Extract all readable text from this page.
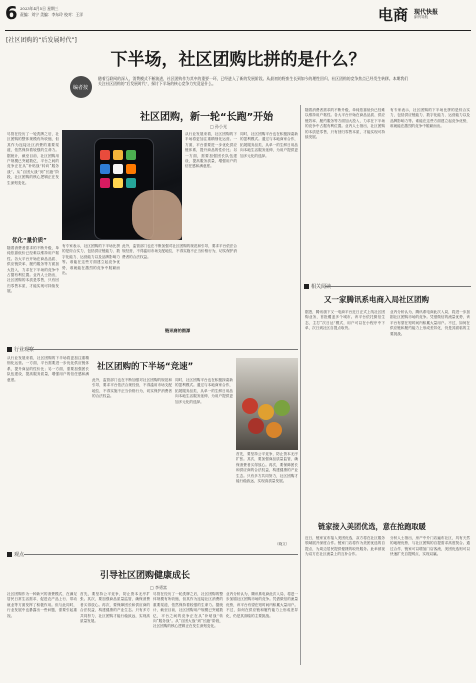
6 2023年4月5日 星期三
责编：刘宁 美编：李东玲 校对：王洋	电商 现代快报
副刊导航
[社区团购的“后发展时代”]
下半场，社区团购比拼的是什么？
编者按
随着互联网的深入，消费模式不断演进，社区团购作为其中的重要一环，已经进入了新的发展阶段。从最初的野蛮生长到如今的理性回归，社区团购的竞争焦点已经发生转移。本期我们关注社区团购的“后发展时代”，探讨下半场的核心竞争力究竟是什么。
社区团购，新一轮“长跑”开始
□ 孙小光
尽管在经历了一轮洗牌之后，社区团购的整体规模有所收缩，但其作为连接社区消费的重要渠道，依然保持着较强的生命力。据统计，截至目前，社区团购用户规模已突破数亿，平台之间的竞争正在从“补贴战”转向“服务战”。从“百团大战”到“长跑”阶段，社区团购的核心逻辑正在发生深刻变化。
优化“量价质”
随着消费者需求的不断升级，单纯依靠低价已经难以维持用户黏性。各大平台开始在商品品质、供应链效率、履约服务等方面加大投入，力求在下半场的竞争中占据有利位置。业内人士指出，社区团购的本质是零售，只有回归零售本质，才能实现可持续发展。
从行业发展来看，社区团购的下半场将更加注重精细化运营。一方面，平台需要进一步优化供应链体系，提升商品的性价比；另一方面，需要加强团长队伍建设，提高服务质量，增强用户的信任感和满意度。
同时，社区团购平台也在积极探索新的盈利模式。通过与本地商家合作，拓展服务品类，从单一的生鲜日用品向本地生活服务延伸，为用户提供更加多元化的选择。
有专家表示，社区团购的下半场比拼的是综合实力，包括供应链能力、数字化能力、运营能力以及品牌影响力等。谁能在这些方面建立起竞争优势，谁就能在激烈的竞争中脱颖而出。
此外，监管部门也在不断加强对社区团购的规范和引导，要求平台依法合规经营，不得滥用市场支配地位，不得实施不正当价格行为，切实保护消费者的合法权益。
链讯商的图源
随着消费者需求的不断升级，单纯依靠低价已经难以维持用户黏性。各大平台开始在商品品质、供应链效率、履约服务等方面加大投入，力求在下半场的竞争中占据有利位置。业内人士指出，社区团购的本质是零售，只有回归零售本质，才能实现可持续发展。
有专家表示，社区团购的下半场比拼的是综合实力，包括供应链能力、数字化能力、运营能力以及品牌影响力等。谁能在这些方面建立起竞争优势，谁就能在激烈的竞争中脱颖而出。
相关阅读
又一家腾讯系电商入局社区团购
据悉，腾讯旗下又一电商平台近日正式上线社区团购业务，首批覆盖多个城市。该平台依托微信生态，主打“次日达”模式，用户可以在小程序中下单，次日到社区自提点取货。
业内分析认为，腾讯系电商此次入局，将进一步加剧社区团购市场的竞争。凭借微信的流量优势，该平台有望在短时间内积累大量用户。不过，如何在供应链和履约能力上形成差异化，仍是其面临的主要挑战。
链家接入美团优选，意在抢跑取暖
近日，链家宣布接入美团优选，双方将在社区服务领域展开深度合作。链家门店将作为美团优选的自提点，为周边居民提供便捷的取货服务。此举被视为双方在社区流量上的互补合作。
分析人士指出，房产中介门店遍布社区，具有天然的地理优势，与社区团购的自提需求高度契合。通过合作，链家可以增加门店客流，美团优选则可以快速扩充自提网点，实现双赢。
行业观察
社区团购的下半场“竞速”
从行业发展来看，社区团购的下半场将更加注重精细化运营。一方面，平台需要进一步优化供应链体系，提升商品的性价比；另一方面，需要加强团长队伍建设，提高服务质量，增强用户的信任感和满意度。	此外，监管部门也在不断加强对社区团购的规范和引导，要求平台依法合规经营，不得滥用市场支配地位，不得实施不正当价格行为，切实保护消费者的合法权益。
同时，社区团购平台也在积极探索新的盈利模式。通过与本地商家合作，拓展服务品类，从单一的生鲜日用品向本地生活服务延伸，为用户提供更加多元化的选择。
首先，要坚持公平竞争，防止资本无序扩张。其次，要加强商品质量监管，确保消费者买得放心。再次，要保障团长和供应商的合法权益，构建健康的产业生态。只有多方共同努力，社区团购才能行稳致远，实现高质量发展。
（晓文）
观点
引导社区团购健康成长
□ 李勇富
社区团购作为一种新兴的消费模式，在满足居民日常生活需求、促进农产品上行、带动就业等方面发挥了积极作用。但与此同时，行业发展中也暴露出一些问题，需要引起重视。
首先，要坚持公平竞争，防止资本无序扩张。其次，要加强商品质量监管，确保消费者买得放心。再次，要保障团长和供应商的合法权益，构建健康的产业生态。只有多方共同努力，社区团购才能行稳致远，实现高质量发展。
尽管在经历了一轮洗牌之后，社区团购的整体规模有所收缩，但其作为连接社区消费的重要渠道，依然保持着较强的生命力。据统计，截至目前，社区团购用户规模已突破数亿，平台之间的竞争正在从“补贴战”转向“服务战”。从“百团大战”到“长跑”阶段，社区团购的核心逻辑正在发生深刻变化。
业内分析认为，腾讯系电商此次入局，将进一步加剧社区团购市场的竞争。凭借微信的流量优势，该平台有望在短时间内积累大量用户。不过，如何在供应链和履约能力上形成差异化，仍是其面临的主要挑战。
